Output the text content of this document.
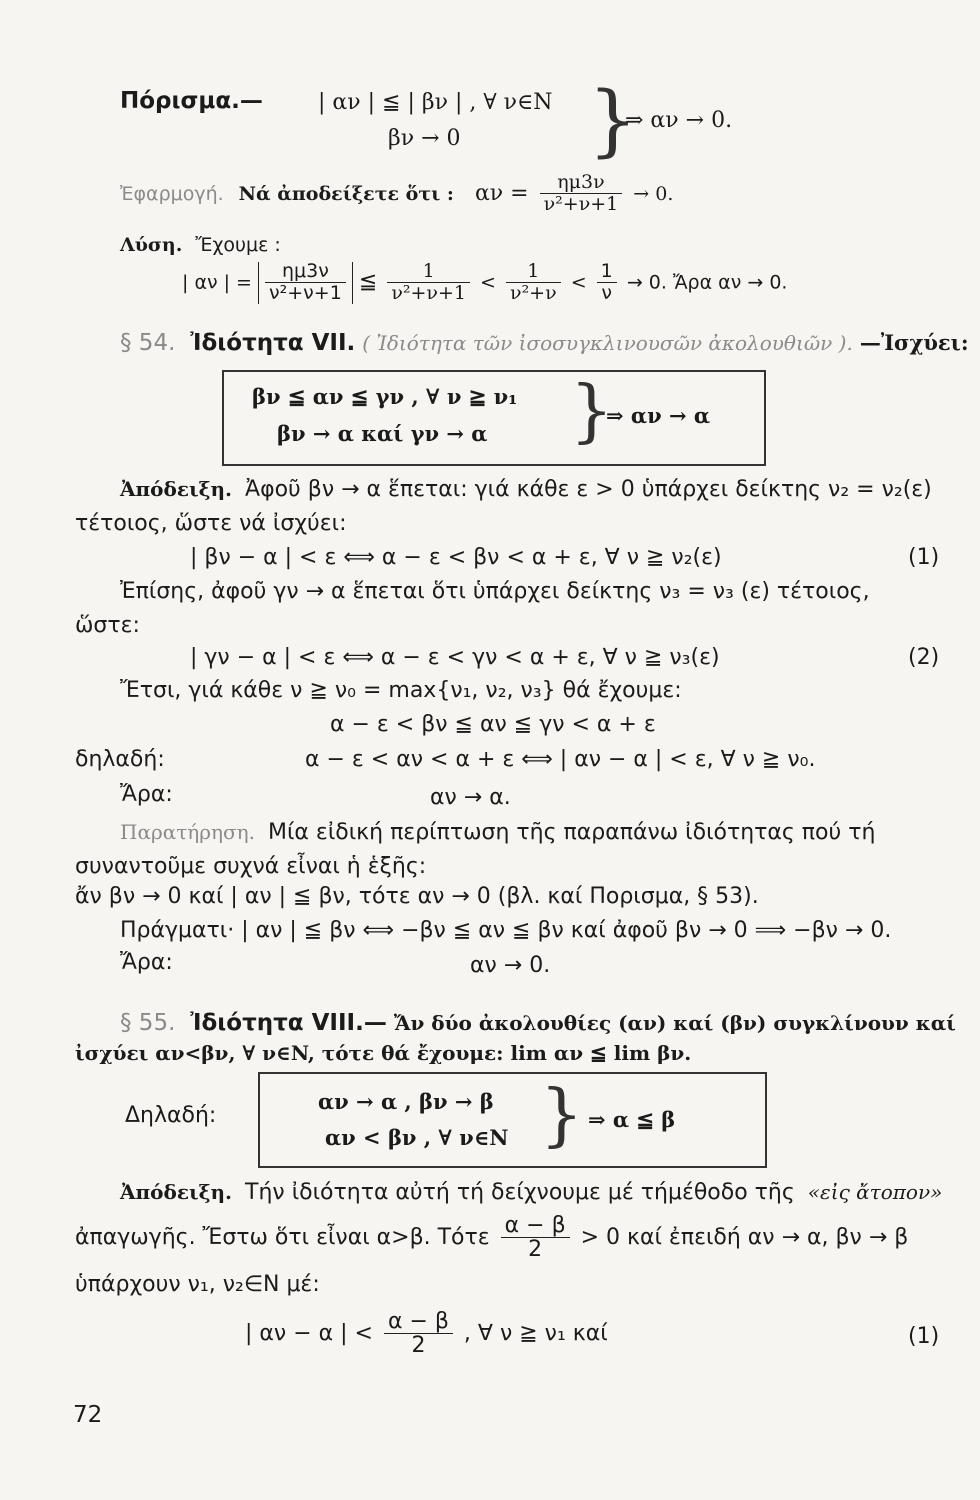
Πόρισμα.—	| αν | ≦ | βν | , ∀ ν∈N
βν → 0 }
⇒ αν → 0.
Ἐφαρμογή. Νά ἀποδείξετε ὅτι : $\alpha\nu = \frac{\eta\mu 3\nu}{\text{ν²+ν+1}} \to 0$.
Λύση. Ἔχουμε :
| αν | = $\frac{\eta\mu 3\nu}{\text{ν²+ν+1}}$ ≦ $\frac{1}{\text{ν²+ν+1}} < \frac{1}{\text{ν²+ν}} < \frac{1}{\nu} \to 0$. Ἄρα αν → 0.
§ 54. Ἰδιότητα VII. ( Ἰδιότητα τῶν ἰσοσυγκλινουσῶν ἀκολουθιῶν ). —Ἰσχύει:
βν ≦ αν ≦ γν , ∀ ν ≧ ν₁
βν → α καί γν → α }
⇒ αν → α
Ἀπόδειξη. Ἀφοῦ βν → α ἕπεται: γιά κάθε ε > 0 ὑπάρχει δείκτης ν₂ = ν₂(ε)
τέτοιος, ὥστε νά ἰσχύει:
| βν − α | < ε ⟺ α − ε < βν < α + ε, ∀ ν ≧ ν₂(ε)	(1)
Ἐπίσης, ἀφοῦ γν → α ἕπεται ὅτι ὑπάρχει δείκτης ν₃ = ν₃ (ε) τέτοιος,
ὥστε:
| γν − α | < ε ⟺ α − ε < γν < α + ε, ∀ ν ≧ ν₃(ε)	(2)
Ἔτσι, γιά κάθε ν ≧ ν₀ = max{ν₁, ν₂, ν₃} θά ἔχουμε:
α − ε < βν ≦ αν ≦ γν < α + ε
δηλαδή:	α − ε < αν < α + ε ⟺ | αν − α | < ε, ∀ ν ≧ ν₀.
Ἄρα:	αν → α.
Παρατήρηση. Μία εἰδική περίπτωση τῆς παραπάνω ἰδιότητας πού τή
συναντοῦμε συχνά εἶναι ἡ ἑξῆς:
ἄν βν → 0 καί | αν | ≦ βν, τότε αν → 0 (βλ. καί Πορισμα, § 53).
Πράγματι· | αν | ≦ βν ⟺ −βν ≦ αν ≦ βν καί ἀφοῦ βν → 0 ⟹ −βν → 0.
Ἄρα:	αν → 0.
§ 55. Ἰδιότητα VIII.— Ἄν δύο ἀκολουθίες (αν) καί (βν) συγκλίνουν καί
ἰσχύει αν<βν, ∀ ν∈N, τότε θά ἔχουμε: lim αν ≦ lim βν.
Δηλαδή:
αν → α , βν → β
αν < βν , ∀ ν∈N } ⇒ α ≦ β
Ἀπόδειξη. Τήν ἰδιότητα αὐτή τή δείχνουμε μέ τήμέθοδο τῆς «εἰς ἄτοπον»
ἀπαγωγῆς. Ἔστω ὅτι εἶναι α>β. Τότε $\frac{\alpha - \beta}{2} > 0$ καί ἐπειδή αν → α, βν → β
ὑπάρχουν ν₁, ν₂∈N μέ:
| αν − α | < $\frac{\alpha - \beta}{2}$ , ∀ ν ≧ ν₁ καί	(1)
72
